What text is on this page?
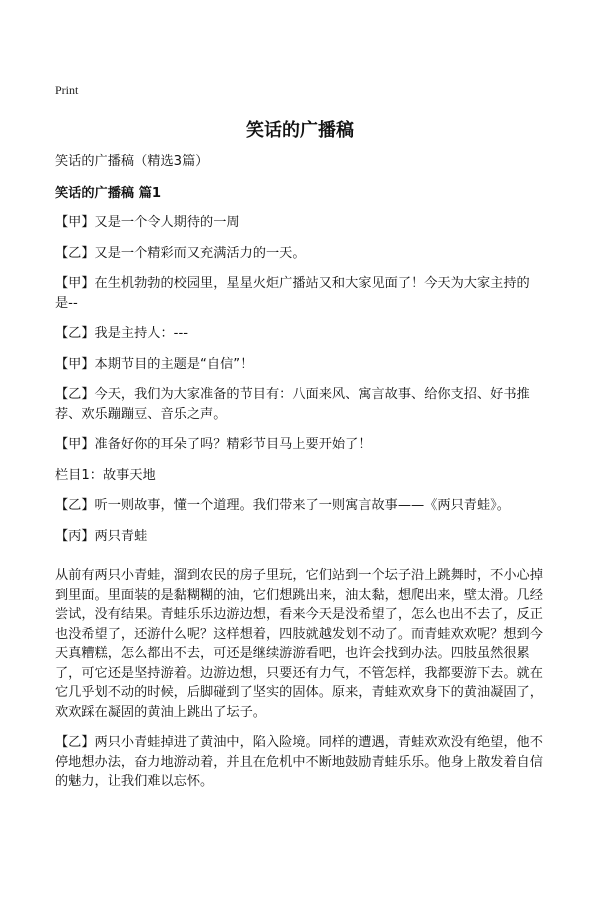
Print
笑话的广播稿

笑话的广播稿（精选3篇）

笑话的广播稿 篇1

【甲】又是一个令人期待的一周

【乙】又是一个精彩而又充满活力的一天。

【甲】在生机勃勃的校园里，星星火炬广播站又和大家见面了！今天为大家主持的是--

【乙】我是主持人：---

【甲】本期节目的主题是“自信”！

【乙】今天，我们为大家准备的节目有：八面来风、寓言故事、给你支招、好书推荐、欢乐蹦蹦豆、音乐之声。

【甲】准备好你的耳朵了吗？精彩节目马上要开始了！

栏目1：故事天地

【乙】听一则故事，懂一个道理。我们带来了一则寓言故事——《两只青蛙》。

【丙】两只青蛙

从前有两只小青蛙，溜到农民的房子里玩，它们站到一个坛子沿上跳舞时，不小心掉到里面。里面装的是黏糊糊的油，它们想跳出来，油太黏，想爬出来，壁太滑。几经尝试，没有结果。青蛙乐乐边游边想，看来今天是没希望了，怎么也出不去了，反正也没希望了，还游什么呢？这样想着，四肢就越发划不动了。而青蛙欢欢呢？想到今天真糟糕，怎么都出不去，可还是继续游游看吧，也许会找到办法。四肢虽然很累了，可它还是坚持游着。边游边想，只要还有力气，不管怎样，我都要游下去。就在它几乎划不动的时候，后脚碰到了坚实的固体。原来，青蛙欢欢身下的黄油凝固了，欢欢踩在凝固的黄油上跳出了坛子。

【乙】两只小青蛙掉进了黄油中，陷入险境。同样的遭遇，青蛙欢欢没有绝望，他不停地想办法，奋力地游动着，并且在危机中不断地鼓励青蛙乐乐。他身上散发着自信的魅力，让我们难以忘怀。
